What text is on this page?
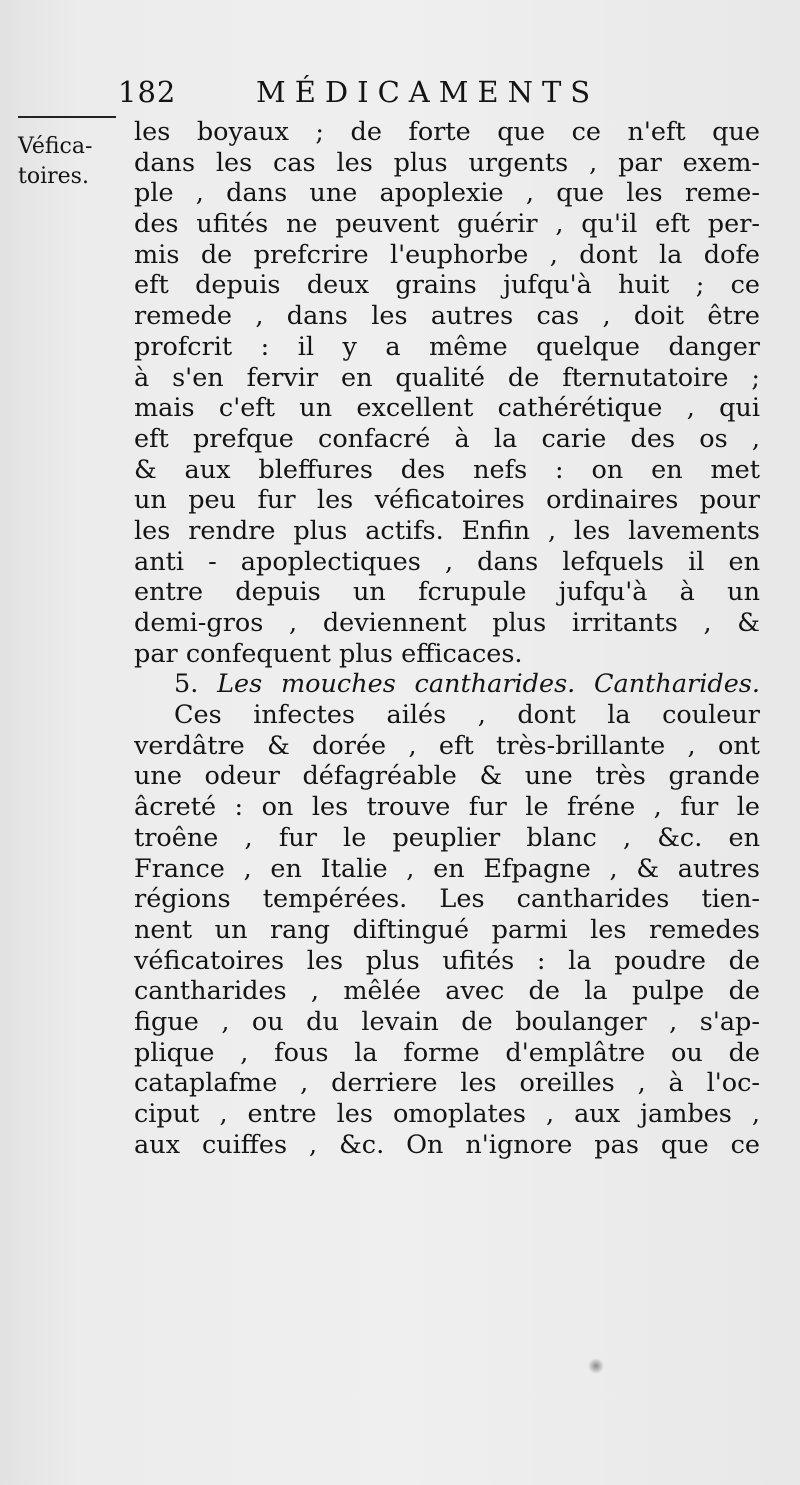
182	MÉDICAMENTS
Véfica-
toires.
les boyaux ; de forte que ce n'eft que
dans les cas les plus urgents , par exem-
ple , dans une apoplexie , que les reme-
des ufités ne peuvent guérir , qu'il eft per-
mis de prefcrire l'euphorbe , dont la dofe
eft depuis deux grains jufqu'à huit ; ce
remede , dans les autres cas , doit être
profcrit : il y a même quelque danger
à s'en fervir en qualité de fternutatoire ;
mais c'eft un excellent cathérétique , qui
eft prefque confacré à la carie des os ,
& aux bleffures des nefs : on en met
un peu fur les véficatoires ordinaires pour
les rendre plus actifs. Enfin , les lavements
anti - apoplectiques , dans lefquels il en
entre depuis un fcrupule jufqu'à à un
demi-gros , deviennent plus irritants , &
par confequent plus efficaces.
5. Les mouches cantharides. Cantharides.
Ces infectes ailés , dont la couleur
verdâtre & dorée , eft très-brillante , ont
une odeur défagréable & une très grande
âcreté : on les trouve fur le fréne , fur le
troêne , fur le peuplier blanc , &c. en
France , en Italie , en Efpagne , & autres
régions tempérées. Les cantharides tien-
nent un rang diftingué parmi les remedes
véficatoires les plus ufités : la poudre de
cantharides , mêlée avec de la pulpe de
figue , ou du levain de boulanger , s'ap-
plique , fous la forme d'emplâtre ou de
cataplafme , derriere les oreilles , à l'oc-
ciput , entre les omoplates , aux jambes ,
aux cuiffes , &c. On n'ignore pas que ce
